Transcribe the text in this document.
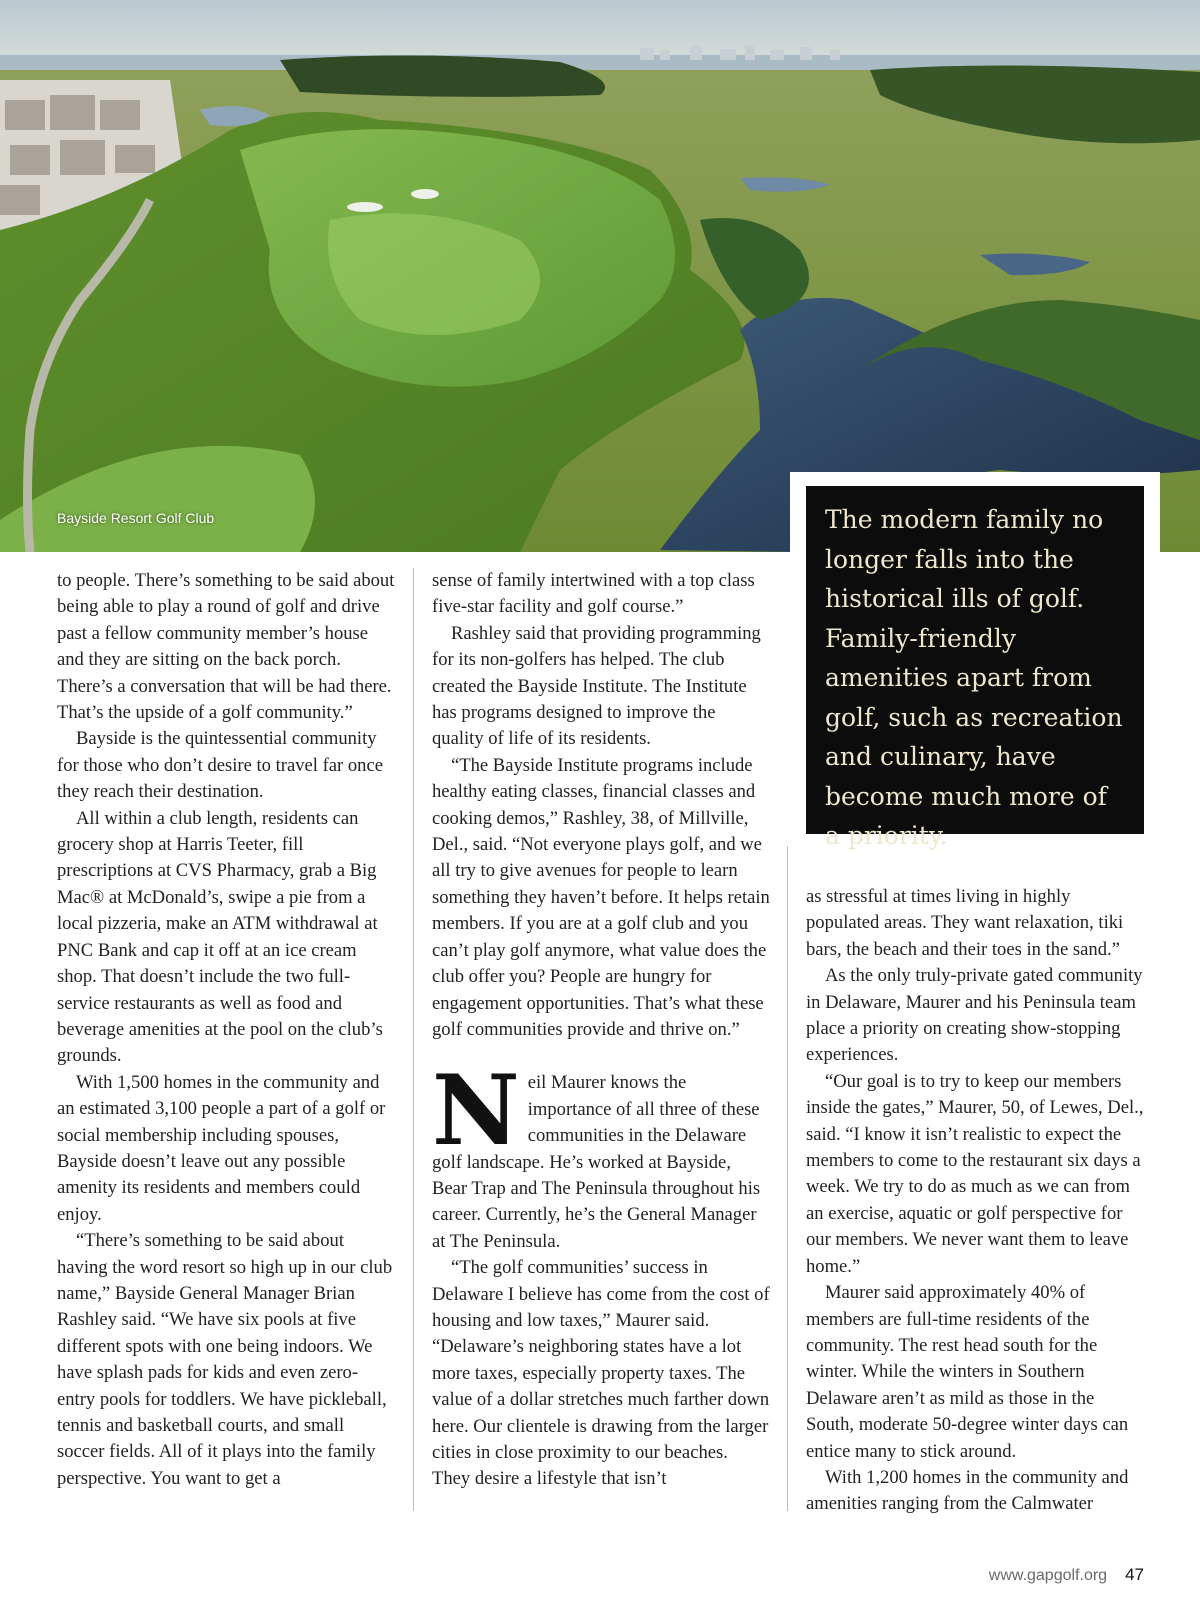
Bayside Resort Golf Club	The modern family no longer falls into the historical ills of golf. Family-friendly amenities apart from golf, such as recreation and culinary, have become much more of a priority.

to people. There’s something to be said about being able to play a round of golf and drive past a fellow community member’s house and they are sitting on the back porch. There’s a conversation that will be had there. That’s the upside of a golf community.”

Bayside is the quintessential community for those who don’t desire to travel far once they reach their destination.

All within a club length, residents can grocery shop at Harris Teeter, fill prescriptions at CVS Pharmacy, grab a Big Mac® at McDonald’s, swipe a pie from a local pizzeria, make an ATM withdrawal at PNC Bank and cap it off at an ice cream shop. That doesn’t include the two full-service restaurants as well as food and beverage amenities at the pool on the club’s grounds.

With 1,500 homes in the community and an estimated 3,100 people a part of a golf or social membership including spouses, Bayside doesn’t leave out any possible amenity its residents and members could enjoy.

“There’s something to be said about having the word resort so high up in our club name,” Bayside General Manager Brian Rashley said. “We have six pools at five different spots with one being indoors. We have splash pads for kids and even zero-entry pools for toddlers. We have pickleball, tennis and basketball courts, and small soccer fields. All of it plays into the family perspective. You want to get a

sense of family intertwined with a top class five-star facility and golf course.”

Rashley said that providing programming for its non-golfers has helped. The club created the Bayside Institute. The Institute has programs designed to improve the quality of life of its residents.

“The Bayside Institute programs include healthy eating classes, financial classes and cooking demos,” Rashley, 38, of Millville, Del., said. “Not everyone plays golf, and we all try to give avenues for people to learn something they haven’t before. It helps retain members. If you are at a golf club and you can’t play golf anymore, what value does the club offer you? People are hungry for engagement opportunities. That’s what these golf communities provide and thrive on.”

Neil Maurer knows the importance of all three of these communities in the Delaware golf landscape. He’s worked at Bayside, Bear Trap and The Peninsula throughout his career. Currently, he’s the General Manager at The Peninsula.

“The golf communities’ success in Delaware I believe has come from the cost of housing and low taxes,” Maurer said. “Delaware’s neighboring states have a lot more taxes, especially property taxes. The value of a dollar stretches much farther down here. Our clientele is drawing from the larger cities in close proximity to our beaches. They desire a lifestyle that isn’t

as stressful at times living in highly populated areas. They want relaxation, tiki bars, the beach and their toes in the sand.”

As the only truly-private gated community in Delaware, Maurer and his Peninsula team place a priority on creating show-stopping experiences.

“Our goal is to try to keep our members inside the gates,” Maurer, 50, of Lewes, Del., said. “I know it isn’t realistic to expect the members to come to the restaurant six days a week. We try to do as much as we can from an exercise, aquatic or golf perspective for our members. We never want them to leave home.”

Maurer said approximately 40% of members are full-time residents of the community. The rest head south for the winter. While the winters in Southern Delaware aren’t as mild as those in the South, moderate 50-degree winter days can entice many to stick around.

With 1,200 homes in the community and amenities ranging from the Calmwater

www.gapgolf.org 47
